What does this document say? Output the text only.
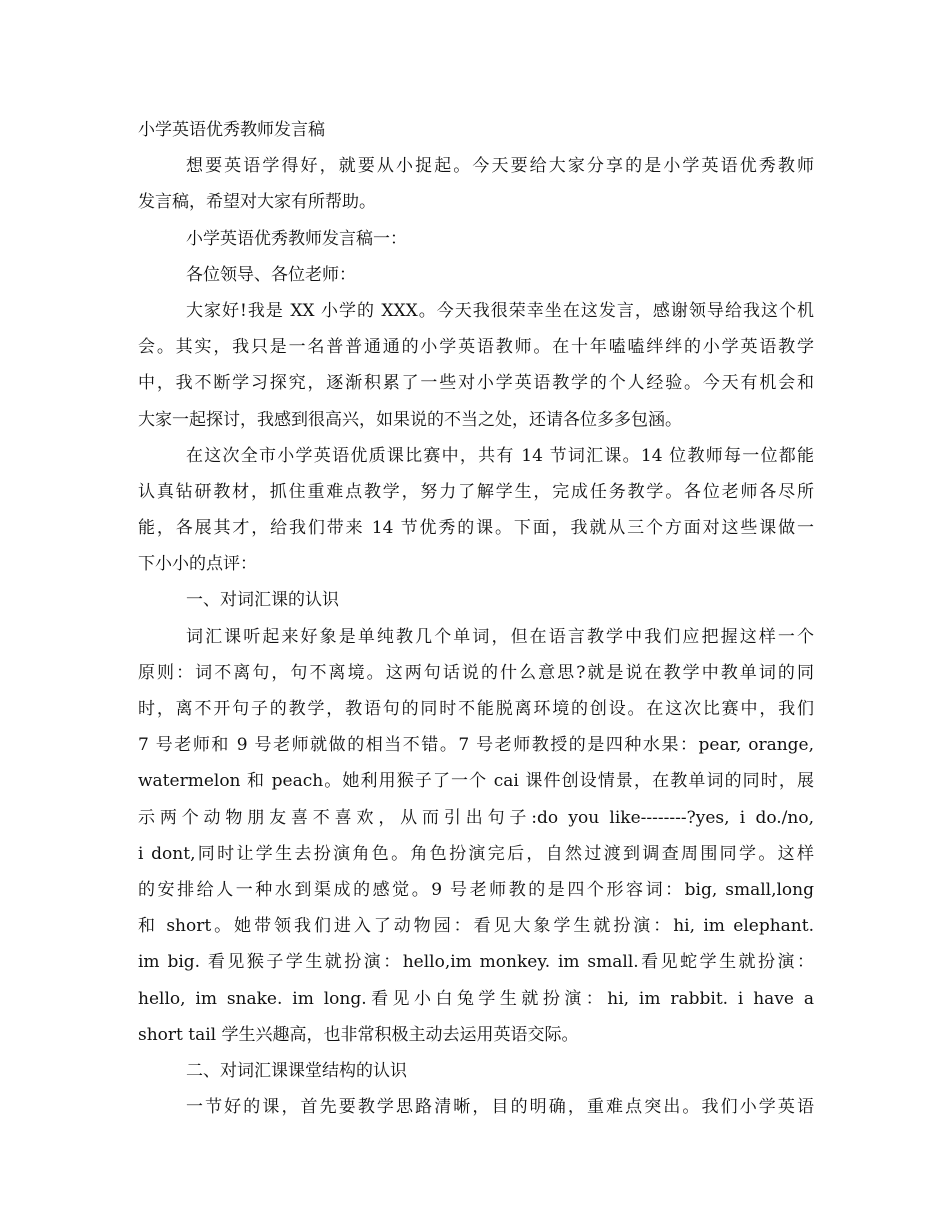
小学英语优秀教师发言稿
想要英语学得好，就要从小捉起。今天要给大家分享的是小学英语优秀教师
发言稿，希望对大家有所帮助。
小学英语优秀教师发言稿一：
各位领导、各位老师：
大家好!我是 XX 小学的 XXX。今天我很荣幸坐在这发言，感谢领导给我这个机
会。其实，我只是一名普普通通的小学英语教师。在十年嗑嗑绊绊的小学英语教学
中，我不断学习探究，逐渐积累了一些对小学英语教学的个人经验。今天有机会和
大家一起探讨，我感到很高兴，如果说的不当之处，还请各位多多包涵。
在这次全市小学英语优质课比赛中，共有 14 节词汇课。14 位教师每一位都能
认真钻研教材，抓住重难点教学，努力了解学生，完成任务教学。各位老师各尽所
能，各展其才，给我们带来 14 节优秀的课。下面，我就从三个方面对这些课做一
下小小的点评：
一、对词汇课的认识
词汇课听起来好象是单纯教几个单词，但在语言教学中我们应把握这样一个
原则：词不离句，句不离境。这两句话说的什么意思?就是说在教学中教单词的同
时，离不开句子的教学，教语句的同时不能脱离环境的创设。在这次比赛中，我们
7 号老师和 9 号老师就做的相当不错。7 号老师教授的是四种水果：pear, orange,
watermelon 和 peach。她利用猴子了一个 cai 课件创设情景，在教单词的同时，展
示两个动物朋友喜不喜欢，从而引出句子:do you like--------?yes, i do./no,
i dont,同时让学生去扮演角色。角色扮演完后，自然过渡到调查周围同学。这样
的安排给人一种水到渠成的感觉。9 号老师教的是四个形容词：big, small,long
和 short。她带领我们进入了动物园：看见大象学生就扮演：hi, im elephant.
im big. 看见猴子学生就扮演：hello,im monkey. im small.看见蛇学生就扮演：
hello, im snake. im long.看见小白兔学生就扮演：hi, im rabbit. i have a
short tail 学生兴趣高，也非常积极主动去运用英语交际。
二、对词汇课课堂结构的认识
一节好的课，首先要教学思路清晰，目的明确，重难点突出。我们小学英语
